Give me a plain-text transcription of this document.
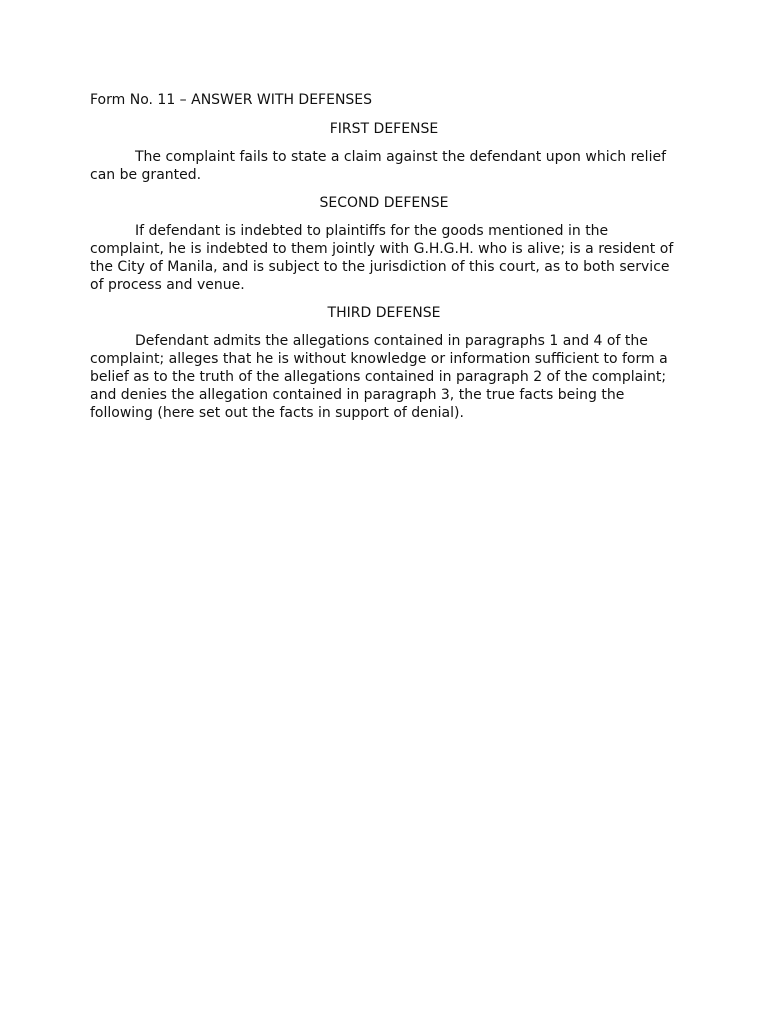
Form No. 11 – ANSWER WITH DEFENSES

FIRST DEFENSE

The complaint fails to state a claim against the defendant upon which relief can be granted.

SECOND DEFENSE

If defendant is indebted to plaintiffs for the goods mentioned in the complaint, he is indebted to them jointly with G.H.G.H. who is alive; is a resident of the City of Manila, and is subject to the jurisdiction of this court, as to both service of process and venue.

THIRD DEFENSE

Defendant admits the allegations contained in paragraphs 1 and 4 of the complaint; alleges that he is without knowledge or information sufficient to form a belief as to the truth of the allegations contained in paragraph 2 of the complaint; and denies the allegation contained in paragraph 3, the true facts being the following (here set out the facts in support of denial).
